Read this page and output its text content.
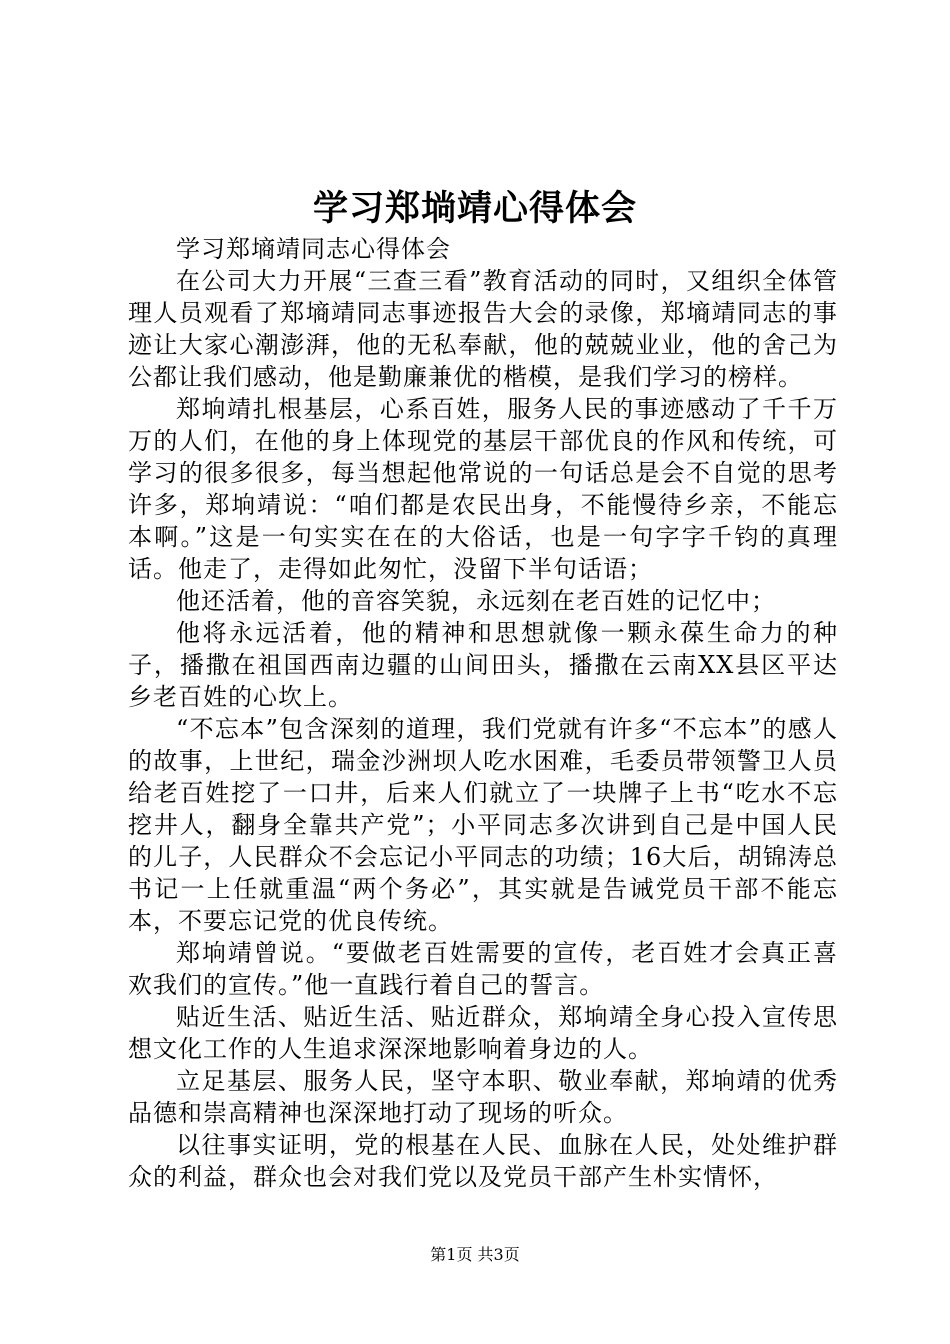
学习郑埫靖心得体会

学习郑墒靖同志心得体会

在公司大力开展“三查三看”教育活动的同时，又组织全体管理人员观看了郑墒靖同志事迹报告大会的录像，郑墒靖同志的事迹让大家心潮澎湃，他的无私奉献，他的兢兢业业，他的舍己为公都让我们感动，他是勤廉兼优的楷模，是我们学习的榜样。

郑垧靖扎根基层，心系百姓，服务人民的事迹感动了千千万万的人们，在他的身上体现党的基层干部优良的作风和传统，可学习的很多很多，每当想起他常说的一句话总是会不自觉的思考许多，郑垧靖说：“咱们都是农民出身，不能慢待乡亲，不能忘本啊。”这是一句实实在在的大俗话，也是一句字字千钧的真理话。他走了，走得如此匆忙，没留下半句话语；

他还活着，他的音容笑貌，永远刻在老百姓的记忆中；

他将永远活着，他的精神和思想就像一颗永葆生命力的种子，播撒在祖国西南边疆的山间田头，播撒在云南XX县区平达乡老百姓的心坎上。

“不忘本”包含深刻的道理，我们党就有许多“不忘本”的感人的故事，上世纪，瑞金沙洲坝人吃水困难，毛委员带领警卫人员给老百姓挖了一口井，后来人们就立了一块牌子上书“吃水不忘挖井人，翻身全靠共产党”；小平同志多次讲到自己是中国人民的儿子，人民群众不会忘记小平同志的功绩；16大后，胡锦涛总书记一上任就重温“两个务必”，其实就是告诫党员干部不能忘本，不要忘记党的优良传统。

郑垧靖曾说。“要做老百姓需要的宣传，老百姓才会真正喜欢我们的宣传。”他一直践行着自己的誓言。

贴近生活、贴近生活、贴近群众，郑垧靖全身心投入宣传思想文化工作的人生追求深深地影响着身边的人。

立足基层、服务人民，坚守本职、敬业奉献，郑垧靖的优秀品德和崇高精神也深深地打动了现场的听众。

以往事实证明，党的根基在人民、血脉在人民，处处维护群众的利益，群众也会对我们党以及党员干部产生朴实情怀，

第1页 共3页
